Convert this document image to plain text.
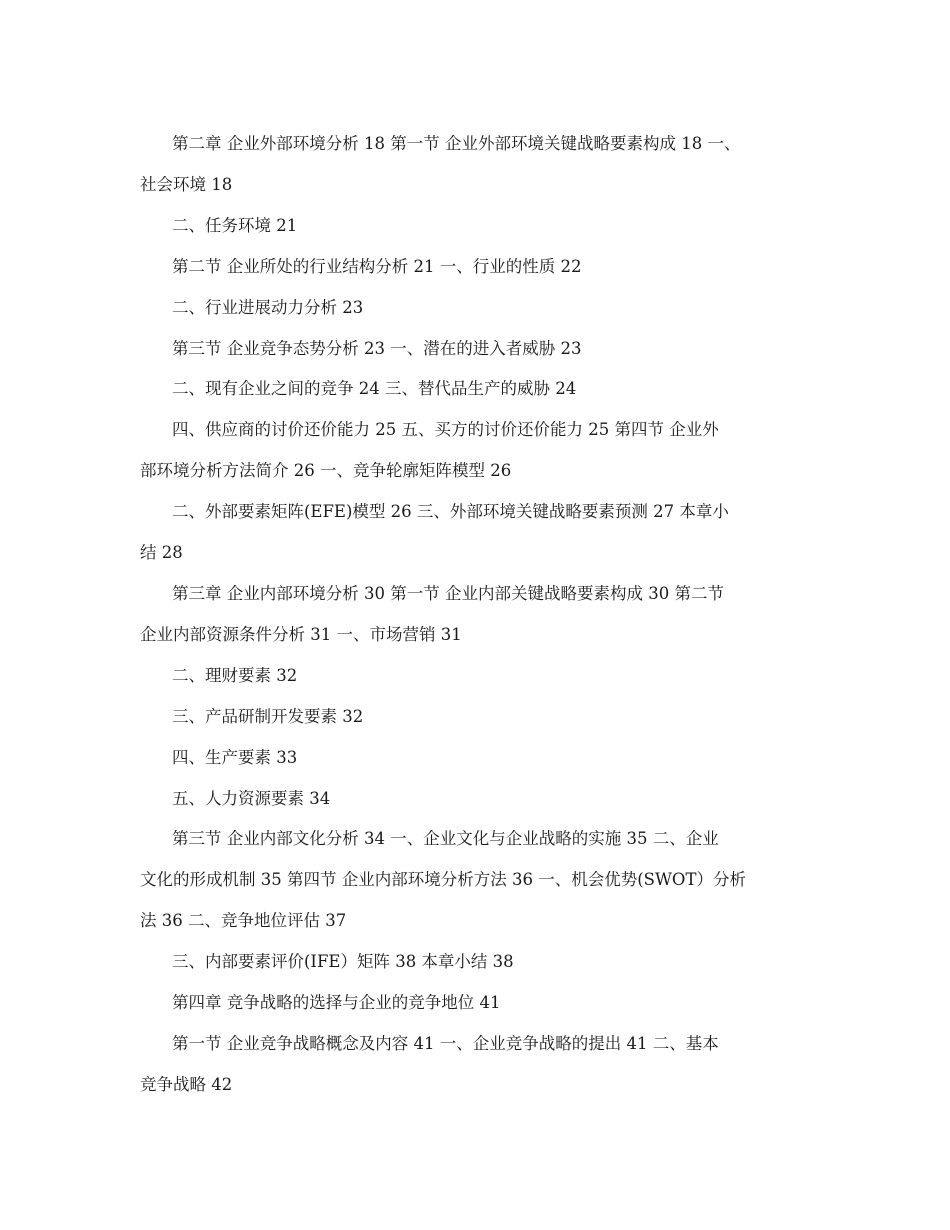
第二章 企业外部环境分析 18 第一节 企业外部环境关键战略要素构成 18 一、
社会环境 18

二、任务环境 21

第二节 企业所处的行业结构分析 21 一、行业的性质 22

二、行业进展动力分析 23

第三节 企业竞争态势分析 23 一、潜在的进入者威胁 23

二、现有企业之间的竞争 24 三、替代品生产的威胁 24

四、供应商的讨价还价能力 25 五、买方的讨价还价能力 25 第四节 企业外
部环境分析方法简介 26 一、竞争轮廓矩阵模型 26

二、外部要素矩阵(EFE)模型 26 三、外部环境关键战略要素预测 27 本章小
结 28

第三章 企业内部环境分析 30 第一节 企业内部关键战略要素构成 30 第二节
企业内部资源条件分析 31 一、市场营销 31

二、理财要素 32

三、产品研制开发要素 32

四、生产要素 33

五、人力资源要素 34

第三节 企业内部文化分析 34 一、企业文化与企业战略的实施 35 二、企业
文化的形成机制 35 第四节 企业内部环境分析方法 36 一、机会优势(SWOT）分析
法 36 二、竞争地位评估 37

三、内部要素评价(IFE）矩阵 38 本章小结 38

第四章 竞争战略的选择与企业的竞争地位 41

第一节 企业竞争战略概念及内容 41 一、企业竞争战略的提出 41 二、基本
竞争战略 42
